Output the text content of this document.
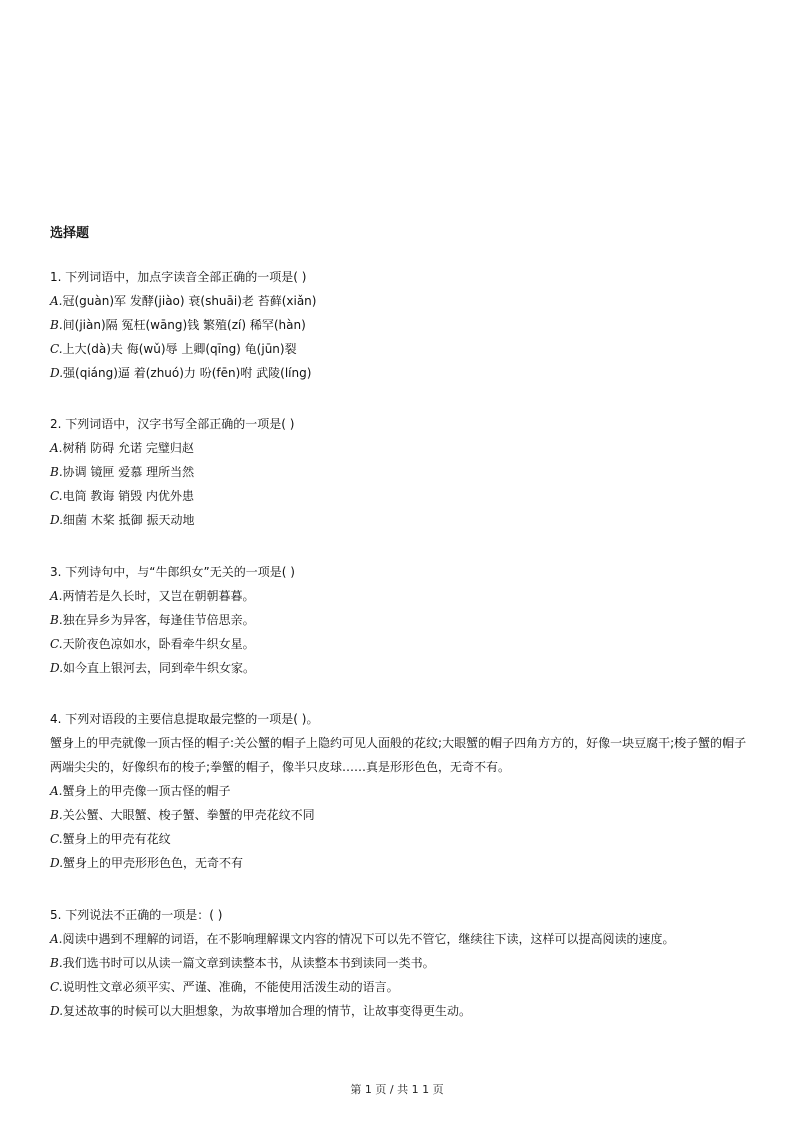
选择题
1. 下列词语中，加点字读音全部正确的一项是( )
A.冠(guàn)军 发酵(jiào) 衰(shuāi)老 苔藓(xiǎn)
B.间(jiàn)隔 冤枉(wāng)钱 繁殖(zí) 稀罕(hàn)
C.上大(dà)夫 侮(wǔ)辱 上卿(qīng) 龟(jūn)裂
D.强(qiáng)逼 着(zhuó)力 吩(fēn)咐 武陵(líng)
2. 下列词语中，汉字书写全部正确的一项是( )
A.树稍 防碍 允诺 完璧归赵
B.协调 镜匣 爱慕 理所当然
C.电筒 教诲 销毁 内优外患
D.细菌 木桨 抵御 振天动地
3. 下列诗句中，与“牛郎织女”无关的一项是( )
A.两情若是久长时，又岂在朝朝暮暮。
B.独在异乡为异客，每逢佳节倍思亲。
C.天阶夜色凉如水，卧看牵牛织女星。
D.如今直上银河去，同到牵牛织女家。
4. 下列对语段的主要信息提取最完整的一项是( )。
蟹身上的甲壳就像一顶古怪的帽子:关公蟹的帽子上隐约可见人面般的花纹;大眼蟹的帽子四角方方的，好像一块豆腐干;梭子蟹的帽子两端尖尖的，好像织布的梭子;拳蟹的帽子，像半只皮球……真是形形色色，无奇不有。
A.蟹身上的甲壳像一顶古怪的帽子
B.关公蟹、大眼蟹、梭子蟹、拳蟹的甲壳花纹不同
C.蟹身上的甲壳有花纹
D.蟹身上的甲壳形形色色，无奇不有
5. 下列说法不正确的一项是：( )
A.阅读中遇到不理解的词语，在不影响理解课文内容的情况下可以先不管它，继续往下读，这样可以提高阅读的速度。
B.我们选书时可以从读一篇文章到读整本书，从读整本书到读同一类书。
C.说明性文章必须平实、严谨、准确，不能使用活泼生动的语言。
D.复述故事的时候可以大胆想象，为故事增加合理的情节，让故事变得更生动。
第 1 页 / 共 1 1 页
